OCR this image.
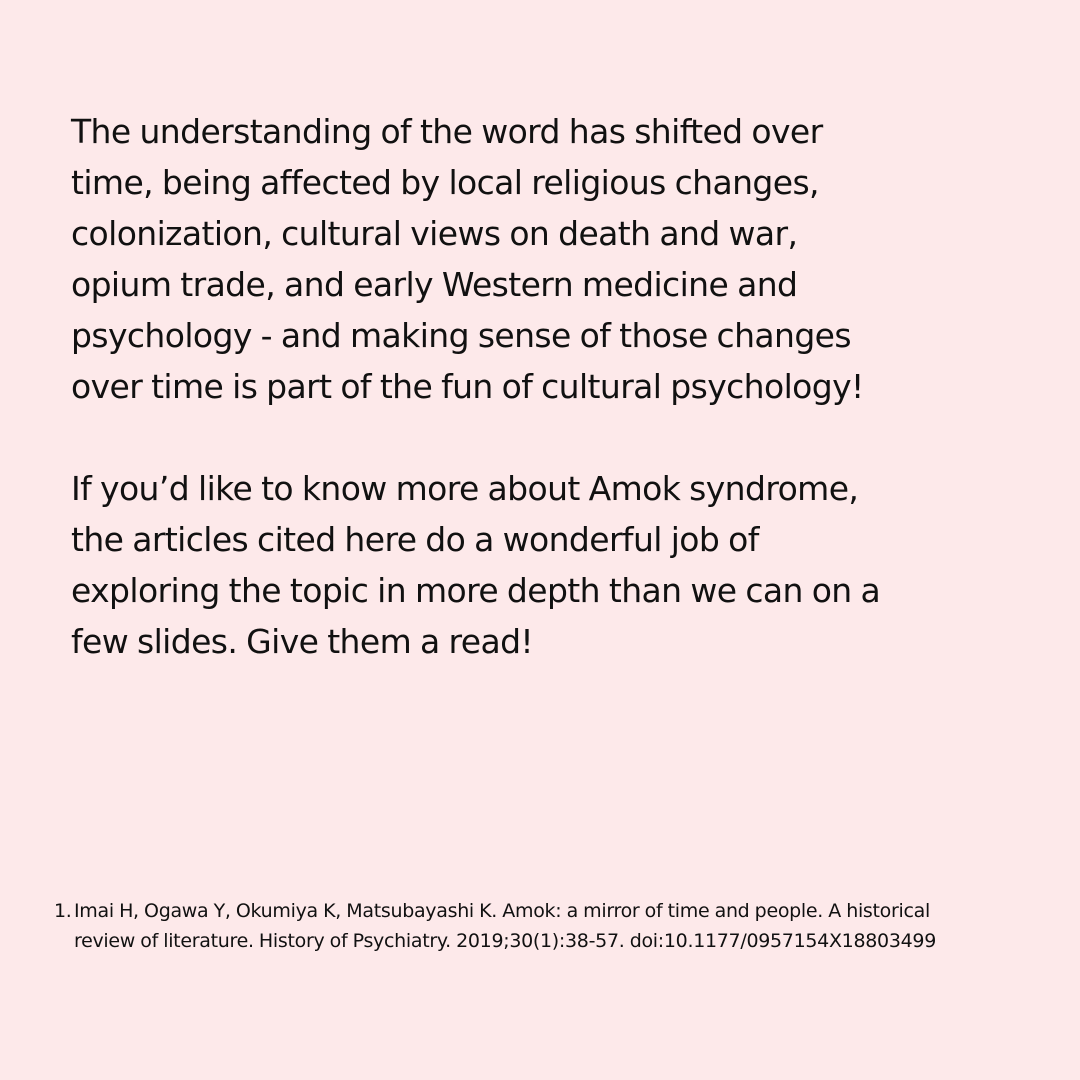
The understanding of the word has shifted over
time, being affected by local religious changes,
colonization, cultural views on death and war,
opium trade, and early Western medicine and
psychology - and making sense of those changes
over time is part of the fun of cultural psychology!

If you’d like to know more about Amok syndrome,
the articles cited here do a wonderful job of
exploring the topic in more depth than we can on a
few slides. Give them a read!

1. Imai H, Ogawa Y, Okumiya K, Matsubayashi K. Amok: a mirror of time and people. A historical
review of literature. History of Psychiatry. 2019;30(1):38-57. doi:10.1177/0957154X18803499
